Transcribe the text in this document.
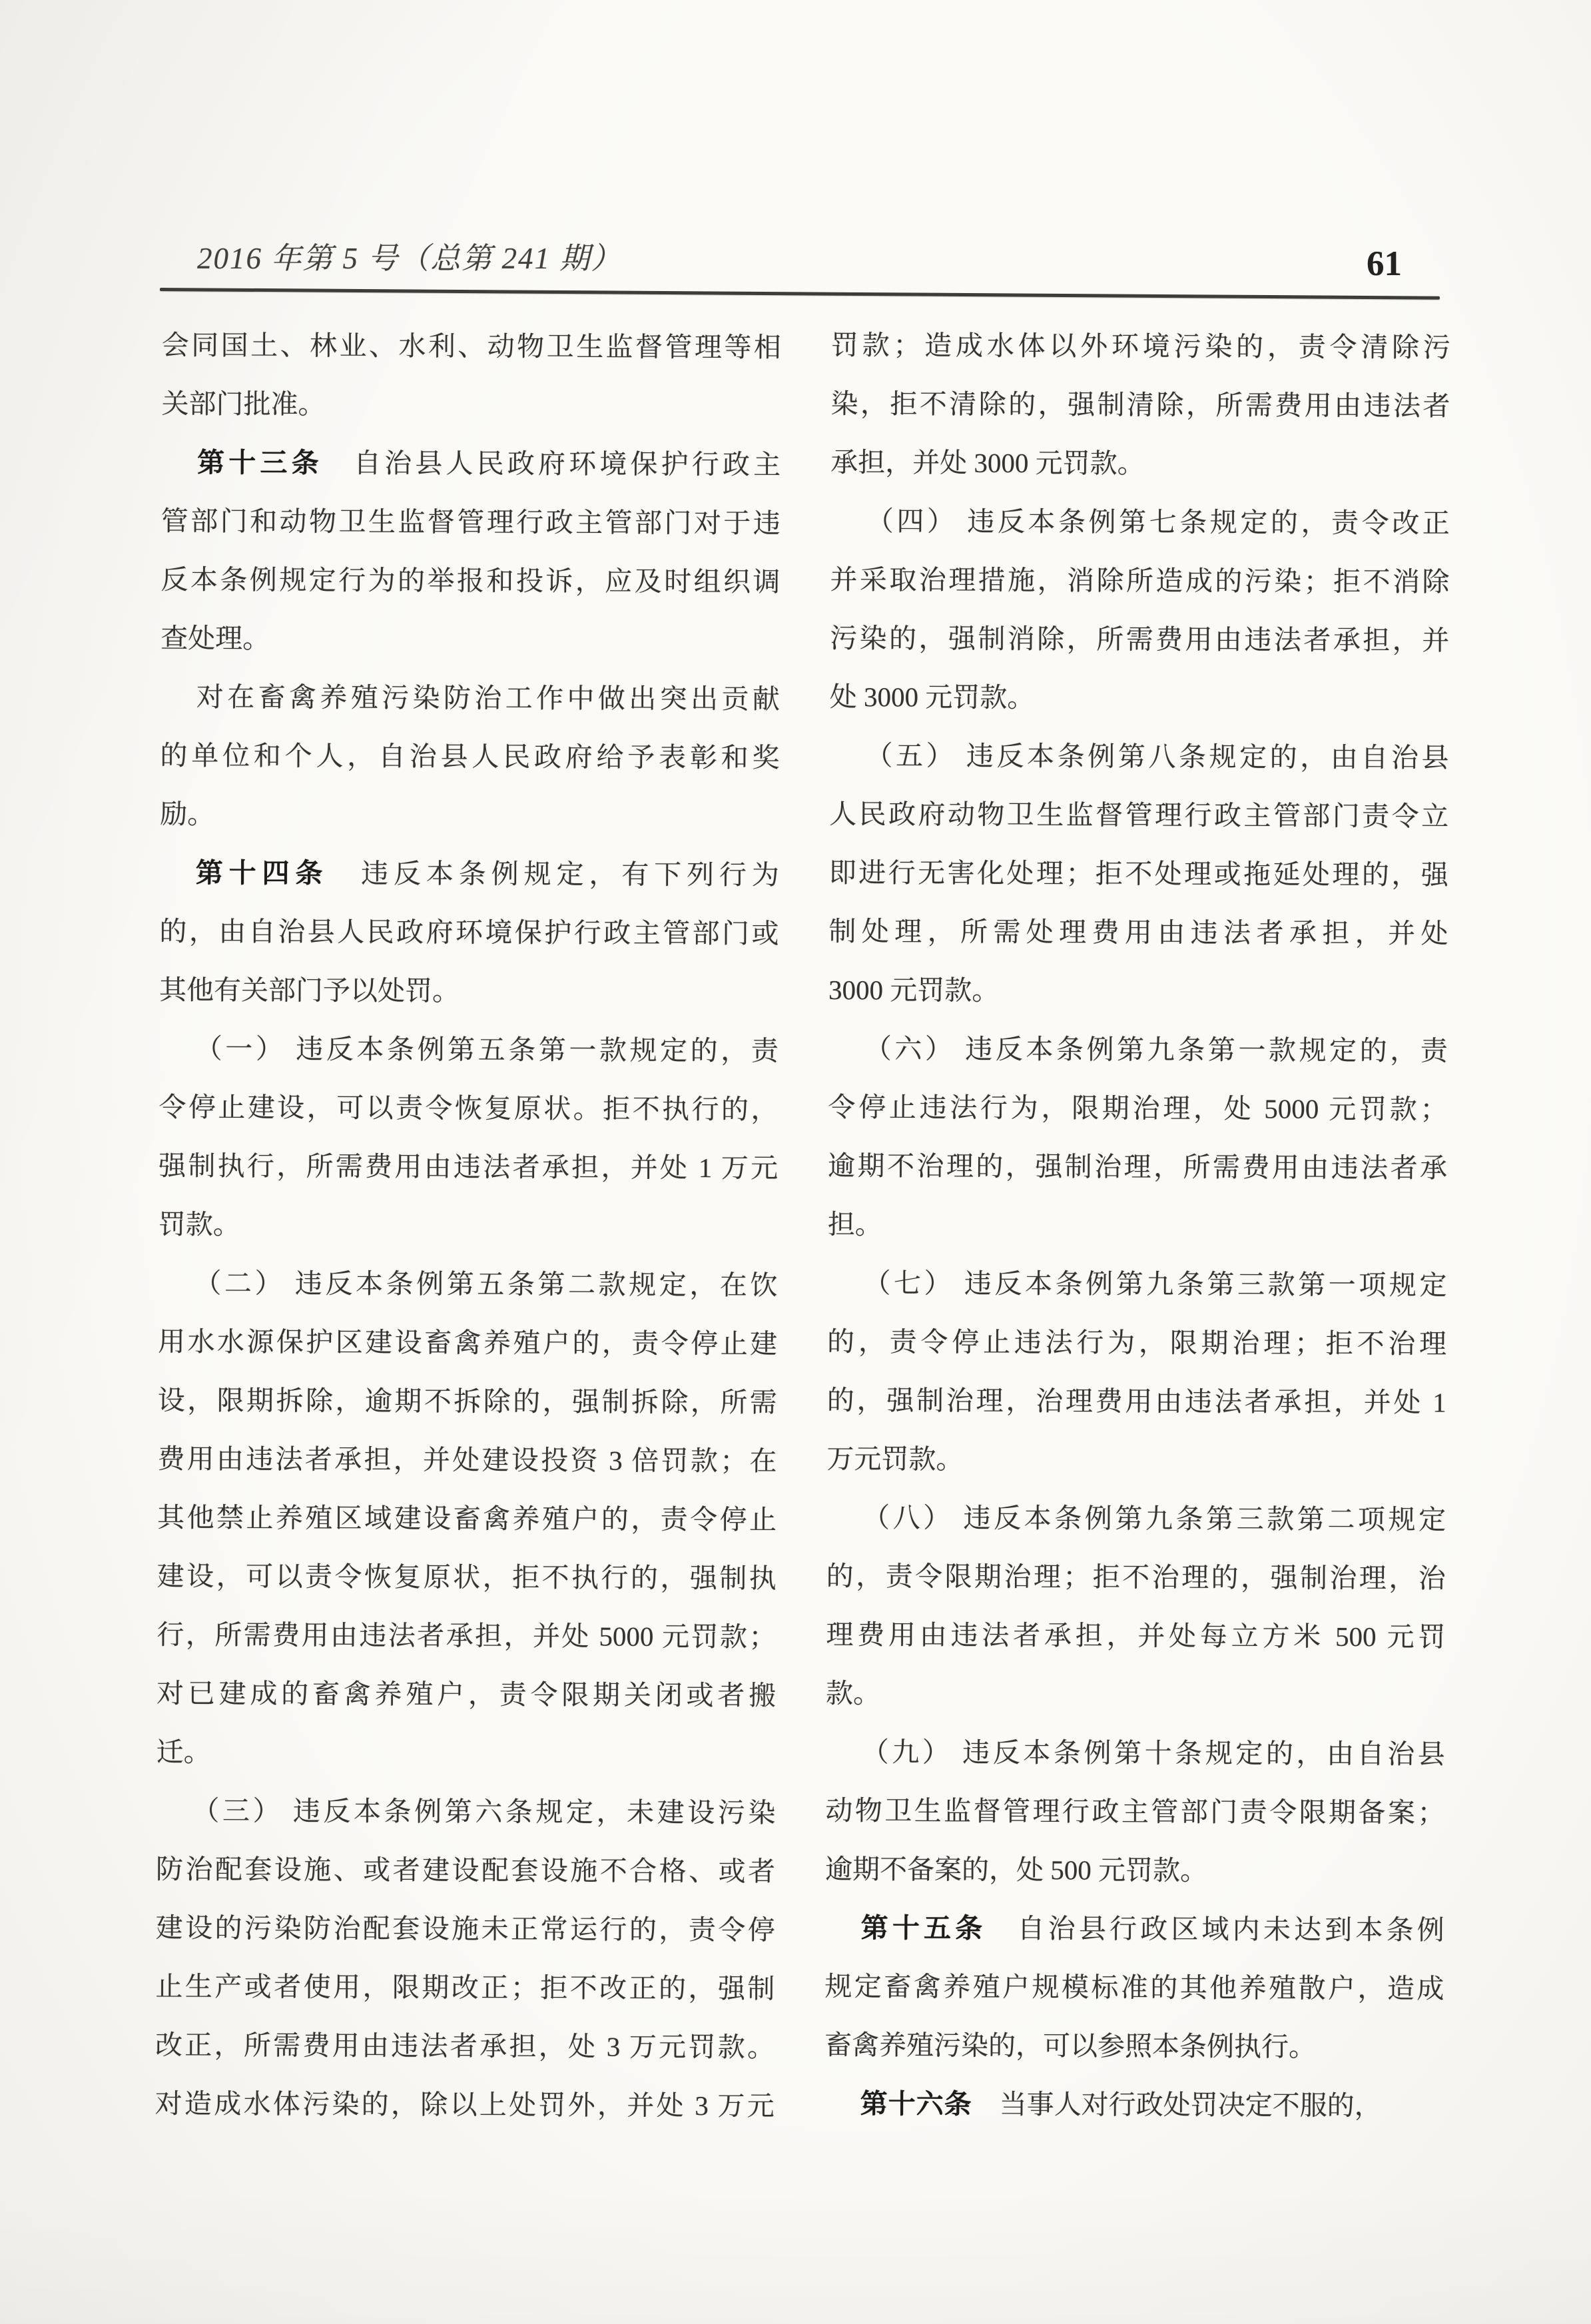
2016 年第 5 号（总第 241 期）	61
会同国土、林业、水利、动物卫生监督管理等相
关部门批准。
第十三条　自治县人民政府环境保护行政主
管部门和动物卫生监督管理行政主管部门对于违
反本条例规定行为的举报和投诉，应及时组织调
查处理。
对在畜禽养殖污染防治工作中做出突出贡献
的单位和个人，自治县人民政府给予表彰和奖
励。
第十四条　违反本条例规定，有下列行为
的，由自治县人民政府环境保护行政主管部门或
其他有关部门予以处罚。
（一） 违反本条例第五条第一款规定的，责
令停止建设，可以责令恢复原状。拒不执行的，
强制执行，所需费用由违法者承担，并处 1 万元
罚款。
（二） 违反本条例第五条第二款规定，在饮
用水水源保护区建设畜禽养殖户的，责令停止建
设，限期拆除，逾期不拆除的，强制拆除，所需
费用由违法者承担，并处建设投资 3 倍罚款；在
其他禁止养殖区域建设畜禽养殖户的，责令停止
建设，可以责令恢复原状，拒不执行的，强制执
行，所需费用由违法者承担，并处 5000 元罚款；
对已建成的畜禽养殖户，责令限期关闭或者搬
迁。
（三） 违反本条例第六条规定，未建设污染
防治配套设施、或者建设配套设施不合格、或者
建设的污染防治配套设施未正常运行的，责令停
止生产或者使用，限期改正；拒不改正的，强制
改正，所需费用由违法者承担，处 3 万元罚款。
对造成水体污染的，除以上处罚外，并处 3 万元
罚款；造成水体以外环境污染的，责令清除污
染，拒不清除的，强制清除，所需费用由违法者
承担，并处 3000 元罚款。
（四） 违反本条例第七条规定的，责令改正
并采取治理措施，消除所造成的污染；拒不消除
污染的，强制消除，所需费用由违法者承担，并
处 3000 元罚款。
（五） 违反本条例第八条规定的，由自治县
人民政府动物卫生监督管理行政主管部门责令立
即进行无害化处理；拒不处理或拖延处理的，强
制处理，所需处理费用由违法者承担，并处
3000 元罚款。
（六） 违反本条例第九条第一款规定的，责
令停止违法行为，限期治理，处 5000 元罚款；
逾期不治理的，强制治理，所需费用由违法者承
担。
（七） 违反本条例第九条第三款第一项规定
的，责令停止违法行为，限期治理；拒不治理
的，强制治理，治理费用由违法者承担，并处 1
万元罚款。
（八） 违反本条例第九条第三款第二项规定
的，责令限期治理；拒不治理的，强制治理，治
理费用由违法者承担，并处每立方米 500 元罚
款。
（九） 违反本条例第十条规定的，由自治县
动物卫生监督管理行政主管部门责令限期备案；
逾期不备案的，处 500 元罚款。
第十五条　自治县行政区域内未达到本条例
规定畜禽养殖户规模标准的其他养殖散户，造成
畜禽养殖污染的，可以参照本条例执行。
第十六条　当事人对行政处罚决定不服的，
